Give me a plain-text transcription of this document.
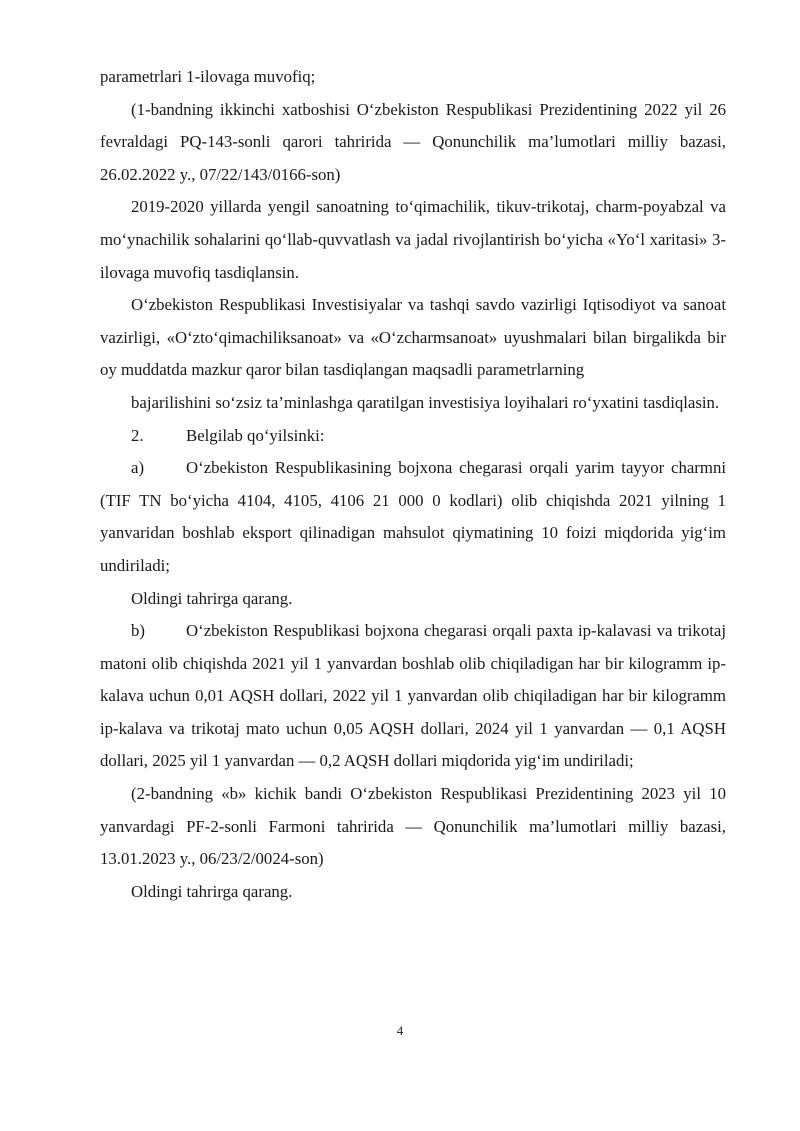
parametrlari 1-ilovaga muvofiq;

(1-bandning ikkinchi xatboshisi O‘zbekiston Respublikasi Prezidentining 2022 yil 26 fevraldagi PQ-143-sonli qarori tahririda — Qonunchilik ma’lumotlari milliy bazasi, 26.02.2022 y., 07/22/143/0166-son)

2019-2020 yillarda yengil sanoatning to‘qimachilik, tikuv-trikotaj, charm-poyabzal va mo‘ynachilik sohalarini qo‘llab-quvvatlash va jadal rivojlantirish bo‘yicha «Yo‘l xaritasi» 3-ilovaga muvofiq tasdiqlansin.

O‘zbekiston Respublikasi Investisiyalar va tashqi savdo vazirligi Iqtisodiyot va sanoat vazirligi, «O‘zto‘qimachiliksanoat» va «O‘zcharmsanoat» uyushmalari bilan birgalikda bir oy muddatda mazkur qaror bilan tasdiqlangan maqsadli parametrlarning

bajarilishini so‘zsiz ta’minlashga qaratilgan investisiya loyihalari ro‘yxatini tasdiqlasin.

2.	Belgilab qo‘yilsinki:

a) O‘zbekiston Respublikasining bojxona chegarasi orqali yarim tayyor charmni (TIF TN bo‘yicha 4104, 4105, 4106 21 000 0 kodlari) olib chiqishda 2021 yilning 1 yanvaridan boshlab eksport qilinadigan mahsulot qiymatining 10 foizi miqdorida yig‘im undiriladi;

Oldingi tahrirga qarang.

b) O‘zbekiston Respublikasi bojxona chegarasi orqali paxta ip-kalavasi va trikotaj matoni olib chiqishda 2021 yil 1 yanvardan boshlab olib chiqiladigan har bir kilogramm ip-kalava uchun 0,01 AQSH dollari, 2022 yil 1 yanvardan olib chiqiladigan har bir kilogramm ip-kalava va trikotaj mato uchun 0,05 AQSH dollari, 2024 yil 1 yanvardan — 0,1 AQSH dollari, 2025 yil 1 yanvardan — 0,2 AQSH dollari miqdorida yig‘im undiriladi;

(2-bandning «b» kichik bandi O‘zbekiston Respublikasi Prezidentining 2023 yil 10 yanvardagi PF-2-sonli Farmoni tahririda — Qonunchilik ma’lumotlari milliy bazasi, 13.01.2023 y., 06/23/2/0024-son)

Oldingi tahrirga qarang.

4
